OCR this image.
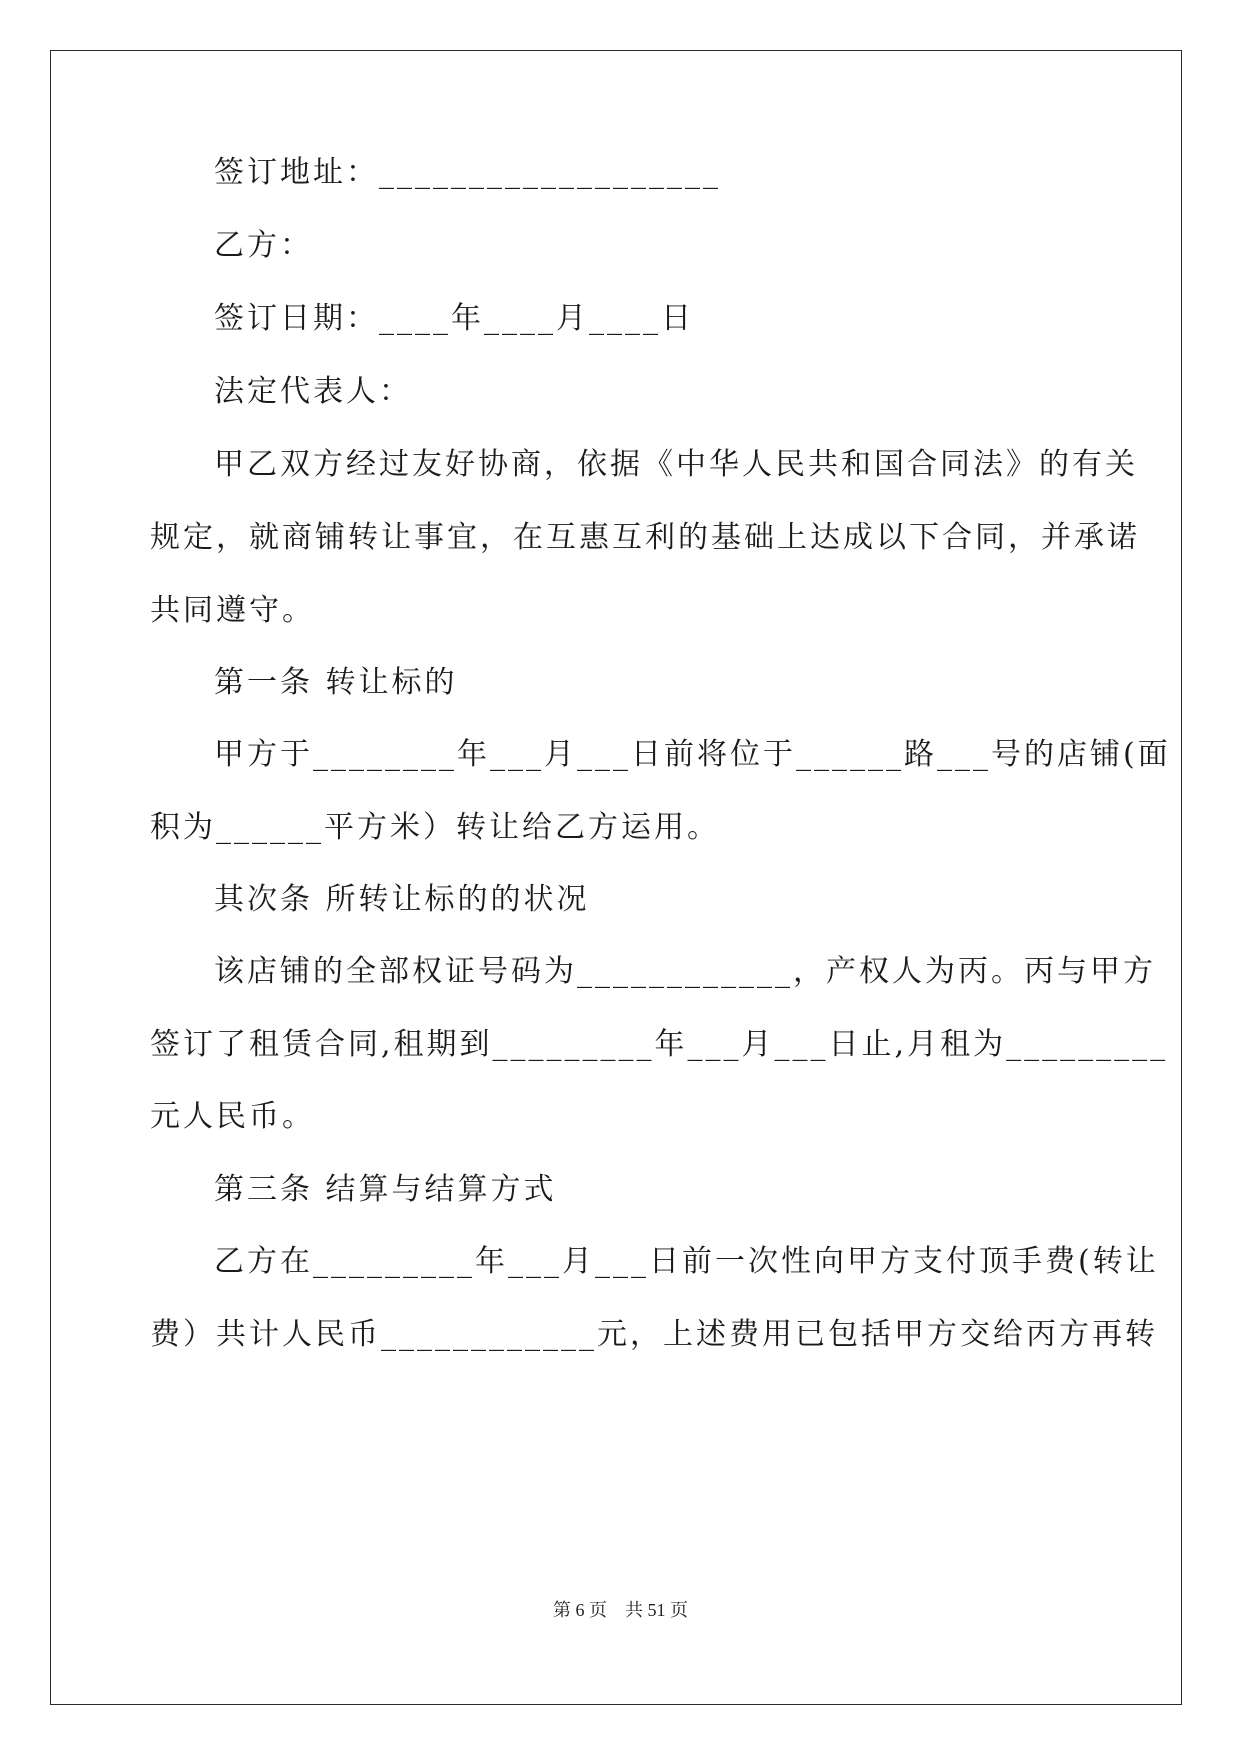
签订地址：___________________
乙方：
签订日期：____年____月____日
法定代表人：
甲乙双方经过友好协商，依据《中华人民共和国合同法》的有关
规定，就商铺转让事宜，在互惠互利的基础上达成以下合同，并承诺
共同遵守。
第一条 转让标的
甲方于________年___月___日前将位于______路___号的店铺(面
积为______平方米）转让给乙方运用。
其次条 所转让标的的状况
该店铺的全部权证号码为____________，产权人为丙。丙与甲方
签订了租赁合同,租期到_________年___月___日止,月租为_________
元人民币。
第三条 结算与结算方式
乙方在_________年___月___日前一次性向甲方支付顶手费(转让
费）共计人民币____________元，上述费用已包括甲方交给丙方再转
第 6 页　共 51 页
